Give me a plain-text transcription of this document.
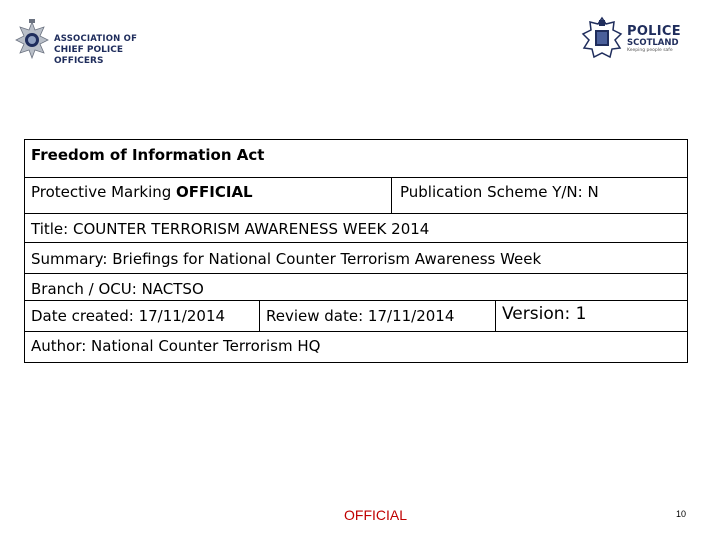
ASSOCIATION OF
CHIEF POLICE OFFICERS
POLICE
SCOTLAND
Keeping people safe
Freedom of Information Act
Protective Marking OFFICIAL	Publication Scheme Y/N: N
Title: COUNTER TERRORISM AWARENESS WEEK 2014
Summary: Briefings for National Counter Terrorism Awareness Week
Branch / OCU: NACTSO
Date created: 17/11/2014	Review date: 17/11/2014	Version: 1
Author: National Counter Terrorism HQ
OFFICIAL	10
